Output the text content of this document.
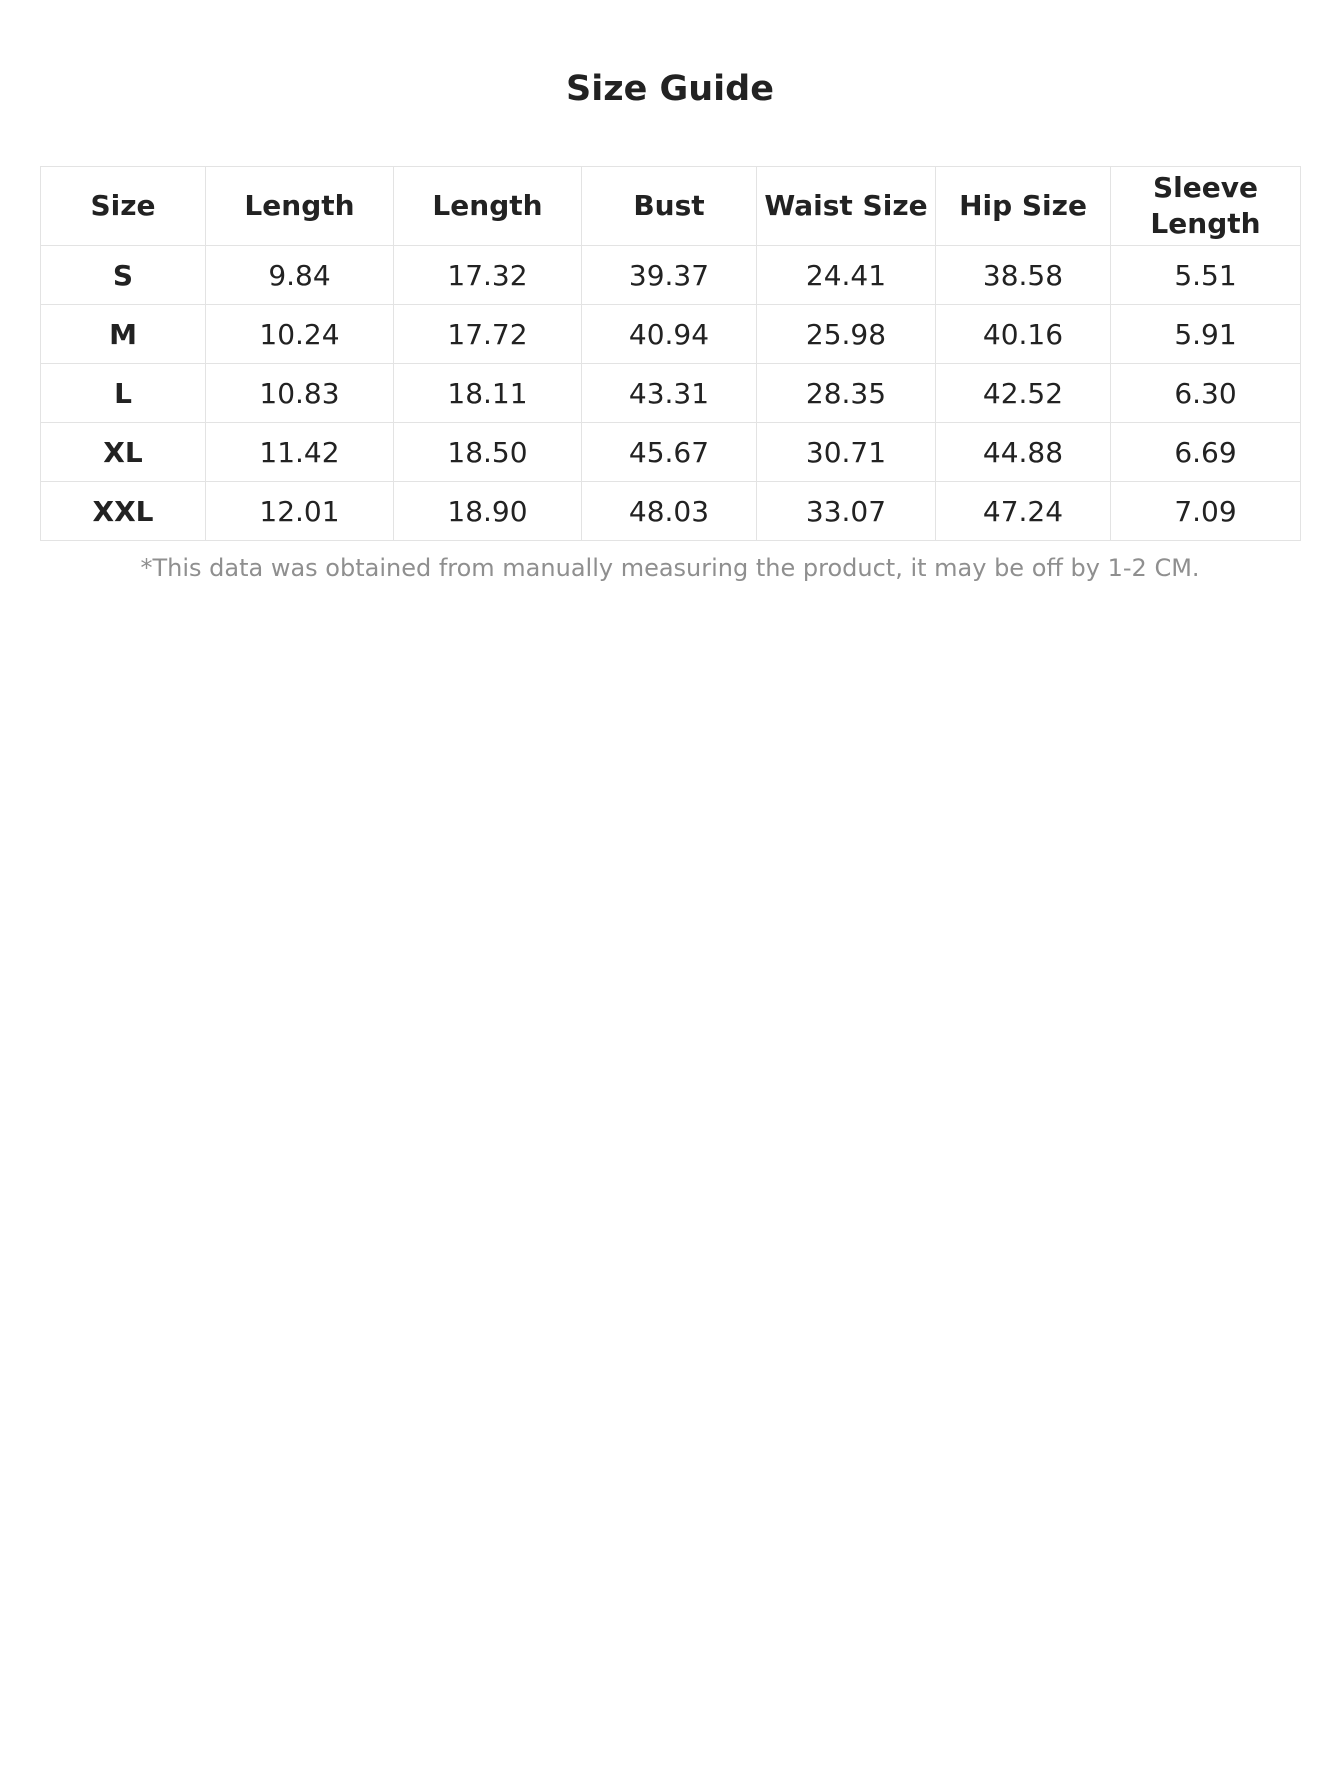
Size Guide
Size	Length	Length	Bust	Waist Size	Hip Size	Sleeve Length
S	9.84	17.32	39.37	24.41	38.58	5.51
M	10.24	17.72	40.94	25.98	40.16	5.91
L	10.83	18.11	43.31	28.35	42.52	6.30
XL	11.42	18.50	45.67	30.71	44.88	6.69
XXL	12.01	18.90	48.03	33.07	47.24	7.09

*This data was obtained from manually measuring the product, it may be off by 1-2 CM.
